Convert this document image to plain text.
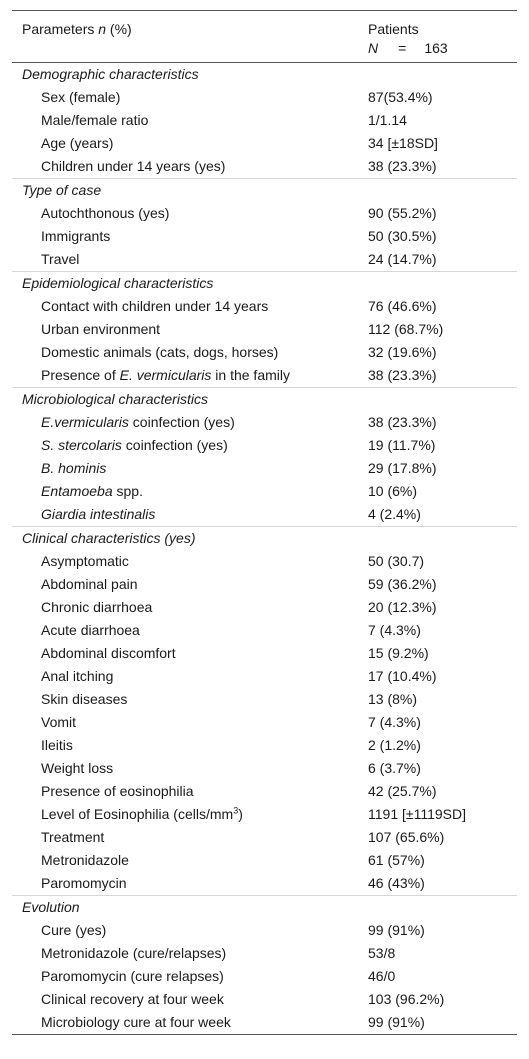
Parameters n (%)	Patients
N = 163
Demographic characteristics
Sex (female)	87(53.4%)
Male/female ratio	1/1.14
Age (years)	34 [±18SD]
Children under 14 years (yes)	38 (23.3%)
Type of case
Autochthonous (yes)	90 (55.2%)
Immigrants	50 (30.5%)
Travel	24 (14.7%)
Epidemiological characteristics
Contact with children under 14 years	76 (46.6%)
Urban environment	112 (68.7%)
Domestic animals (cats, dogs, horses)	32 (19.6%)
Presence of E. vermicularis in the family	38 (23.3%)
Microbiological characteristics
E.vermicularis coinfection (yes)	38 (23.3%)
S. stercolaris coinfection (yes)	19 (11.7%)
B. hominis	29 (17.8%)
Entamoeba spp.	10 (6%)
Giardia intestinalis	4 (2.4%)
Clinical characteristics (yes)
Asymptomatic	50 (30.7)
Abdominal pain	59 (36.2%)
Chronic diarrhoea	20 (12.3%)
Acute diarrhoea	7 (4.3%)
Abdominal discomfort	15 (9.2%)
Anal itching	17 (10.4%)
Skin diseases	13 (8%)
Vomit	7 (4.3%)
Ileitis	2 (1.2%)
Weight loss	6 (3.7%)
Presence of eosinophilia	42 (25.7%)
Level of Eosinophilia $(cells/mm^3)$	1191 [±1119SD]
Treatment	107 (65.6%)
Metronidazole	61 (57%)
Paromomycin	46 (43%)
Evolution
Cure (yes)	99 (91%)
Metronidazole (cure/relapses)	53/8
Paromomycin (cure relapses)	46/0
Clinical recovery at four week	103 (96.2%)
Microbiology cure at four week	99 (91%)
